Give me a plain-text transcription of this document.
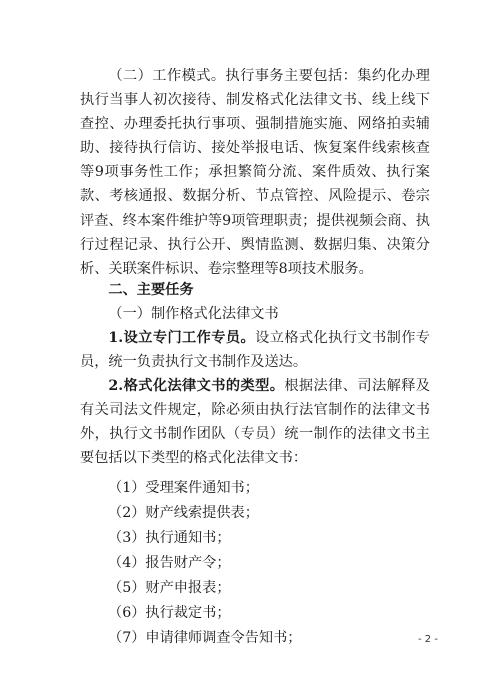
（二）工作模式。执行事务主要包括：集约化办理执行当事人初次接待、制发格式化法律文书、线上线下查控、办理委托执行事项、强制措施实施、网络拍卖辅助、接待执行信访、接处举报电话、恢复案件线索核查等9项事务性工作；承担繁简分流、案件质效、执行案款、考核通报、数据分析、节点管控、风险提示、卷宗评查、终本案件维护等9项管理职责；提供视频会商、执行过程记录、执行公开、舆情监测、数据归集、决策分析、关联案件标识、卷宗整理等8项技术服务。

二、主要任务

（一）制作格式化法律文书

1.设立专门工作专员。设立格式化执行文书制作专员，统一负责执行文书制作及送达。

2.格式化法律文书的类型。根据法律、司法解释及有关司法文件规定，除必须由执行法官制作的法律文书外，执行文书制作团队（专员）统一制作的法律文书主要包括以下类型的格式化法律文书：

（1）受理案件通知书；
（2）财产线索提供表；
（3）执行通知书；
（4）报告财产令；
（5）财产申报表；
（6）执行裁定书；
（7）申请律师调查令告知书；	- 2 -
